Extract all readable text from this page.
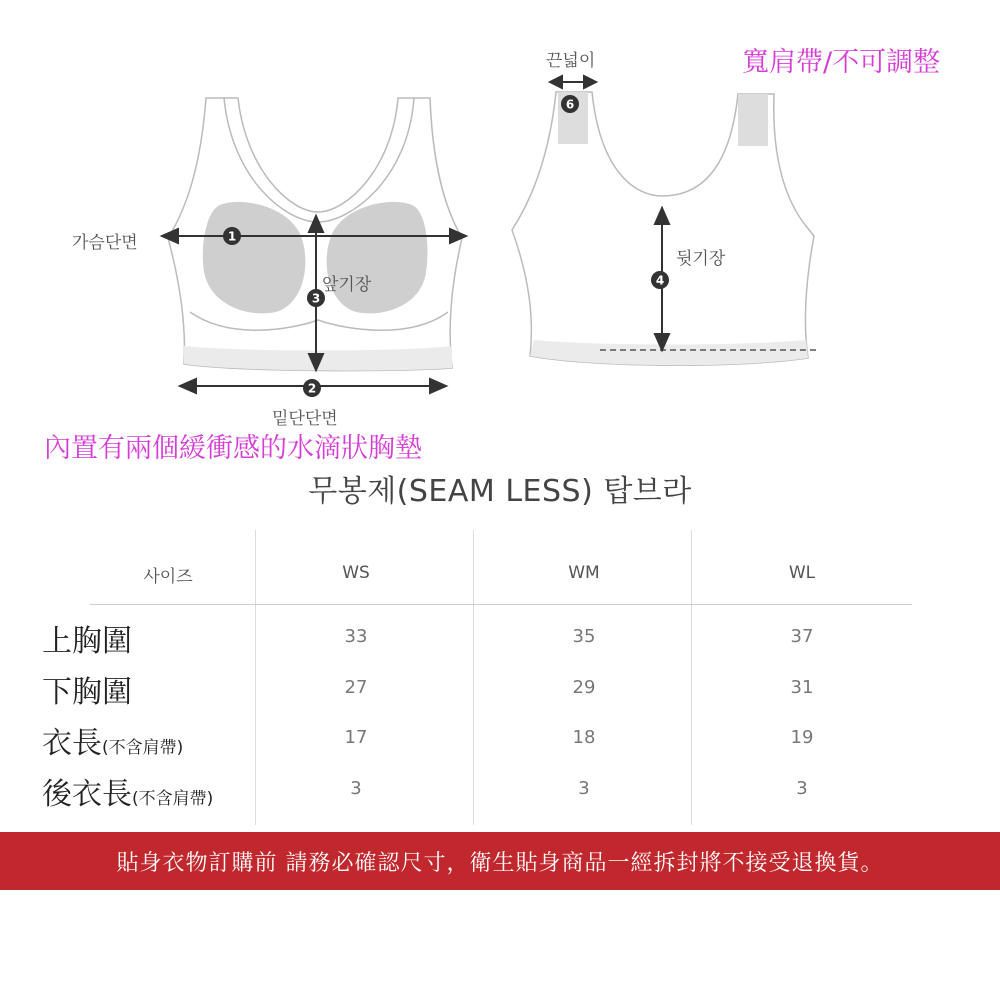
1
3
2
4
6
끈넓이	寬肩帶/不可調整
가슴단면
앞기장
뒷기장
밑단단면
內置有兩個緩衝感的水滴狀胸墊
무봉제(SEAM LESS) 탑브라
사이즈	WS	WM	WL
上胸圍	33	35	37
下胸圍	27	29	31
衣長(不含肩帶)	17	18	19
後衣長(不含肩帶)	3	3	3
貼身衣物訂購前 請務必確認尺寸，衛生貼身商品一經拆封將不接受退換貨。
